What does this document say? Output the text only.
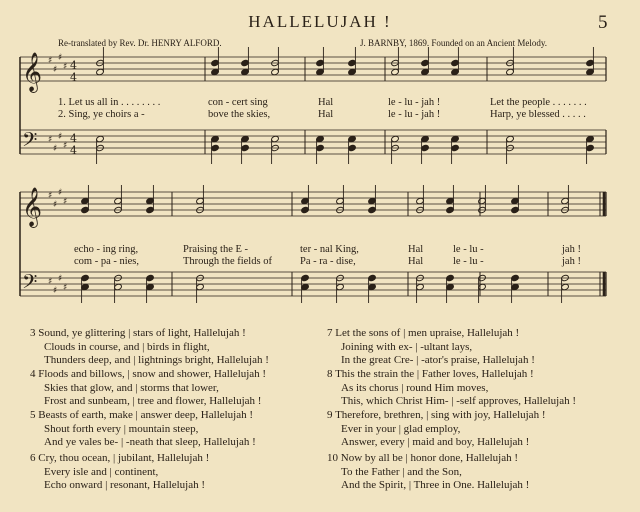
HALLELUJAH !	5
Re-translated by Rev. Dr. HENRY ALFORD.	J. BARNBY, 1869. Founded on an Ancient Melody.
𝄞 ♯
♯
♯
♯
𝄢 ♯
♯
♯
♯
4
4
4
4
𝄞 ♯
♯
♯
♯
𝄢 ♯
♯
♯
♯
1. Let us all in . . . . . . . .	con - cert sing	Hal	le - lu - jah !	Let the people . . . . . . .
2. Sing, ye choirs a -	bove the skies,	Hal	le - lu - jah !	Harp, ye blessed . . . . .
echo - ing ring,	Praising the E -	ter - nal King,	Hal	le - lu -	jah !
com - pa - nies,	Through the fields of	Pa - ra - dise,	Hal	le - lu -	jah !
3 Sound, ye glittering | stars of light, Hallelujah !
Clouds in course, and | birds in flight,
Thunders deep, and | lightnings bright, Hallelujah !
4 Floods and billows, | snow and shower, Hallelujah !
Skies that glow, and | storms that lower,
Frost and sunbeam, | tree and flower, Hallelujah !
5 Beasts of earth, make | answer deep, Hallelujah !
Shout forth every | mountain steep,
And ye vales be- | -neath that sleep, Hallelujah !
6 Cry, thou ocean, | jubilant, Hallelujah !
Every isle and | continent,
Echo onward | resonant, Hallelujah !
7 Let the sons of | men upraise, Hallelujah !
Joining with ex- | -ultant lays,
In the great Cre- | -ator's praise, Hallelujah !
8 This the strain the | Father loves, Hallelujah !
As its chorus | round Him moves,
This, which Christ Him- | -self approves, Hallelujah !
9 Therefore, brethren, | sing with joy, Hallelujah !
Ever in your | glad employ,
Answer, every | maid and boy, Hallelujah !
10 Now by all be | honor done, Hallelujah !
To the Father | and the Son,
And the Spirit, | Three in One. Hallelujah !
